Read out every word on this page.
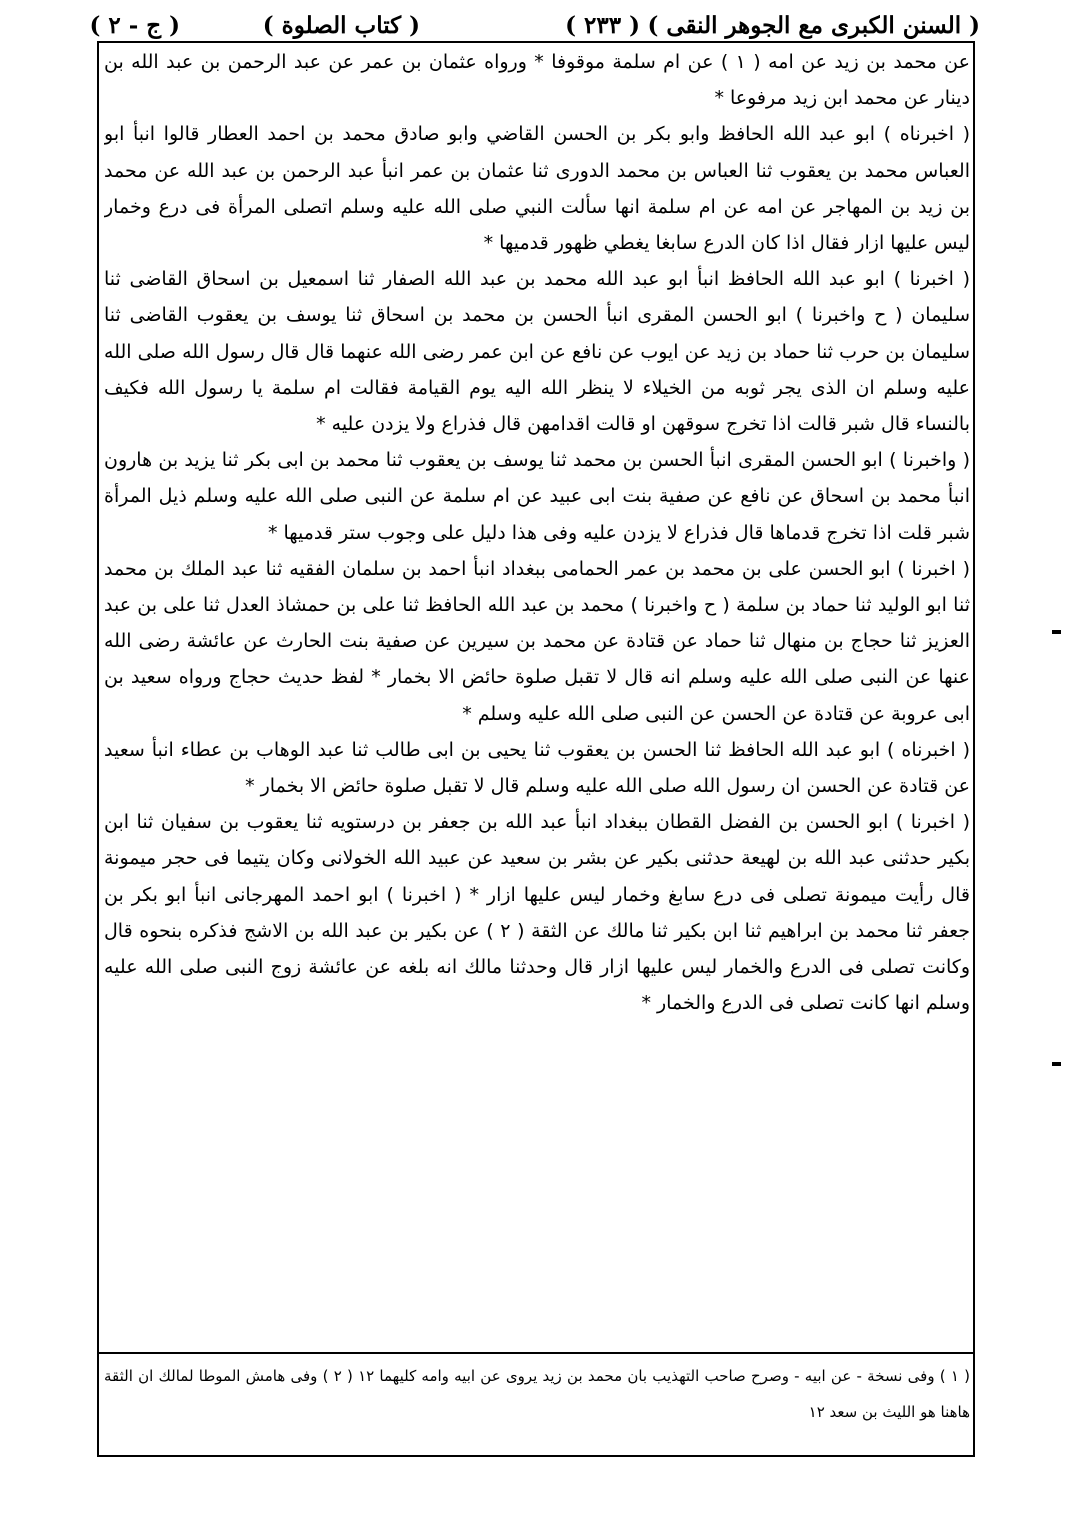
( السنن الكبرى مع الجوهر النقى )
( ٢٣٣ )
( كتاب الصلوة )
( ج - ٢ )

عن محمد بن زيد عن امه ( ١ ) عن ام سلمة موقوفا * ورواه عثمان بن عمر عن عبد الرحمن بن عبد الله بن دينار عن محمد ابن زيد مرفوعا *

( اخبرناه ) ابو عبد الله الحافظ وابو بكر بن الحسن القاضي وابو صادق محمد بن احمد العطار قالوا انبأ ابو العباس محمد بن يعقوب ثنا العباس بن محمد الدورى ثنا عثمان بن عمر انبأ عبد الرحمن بن عبد الله عن محمد بن زيد بن المهاجر عن امه عن ام سلمة انها سألت النبي صلى الله عليه وسلم اتصلى المرأة فى درع وخمار ليس عليها ازار فقال اذا كان الدرع سابغا يغطي ظهور قدميها *

( اخبرنا ) ابو عبد الله الحافظ انبأ ابو عبد الله محمد بن عبد الله الصفار ثنا اسمعيل بن اسحاق القاضى ثنا سليمان ( ح واخبرنا ) ابو الحسن المقرى انبأ الحسن بن محمد بن اسحاق ثنا يوسف بن يعقوب القاضى ثنا سليمان بن حرب ثنا حماد بن زيد عن ايوب عن نافع عن ابن عمر رضى الله عنهما قال قال رسول الله صلى الله عليه وسلم ان الذى يجر ثوبه من الخيلاء لا ينظر الله اليه يوم القيامة فقالت ام سلمة يا رسول الله فكيف بالنساء قال شبر قالت اذا تخرج سوقهن او قالت اقدامهن قال فذراع ولا يزدن عليه *

( واخبرنا ) ابو الحسن المقرى انبأ الحسن بن محمد ثنا يوسف بن يعقوب ثنا محمد بن ابى بكر ثنا يزيد بن هارون انبأ محمد بن اسحاق عن نافع عن صفية بنت ابى عبيد عن ام سلمة عن النبى صلى الله عليه وسلم ذيل المرأة شبر قلت اذا تخرج قدماها قال فذراع لا يزدن عليه وفى هذا دليل على وجوب ستر قدميها *

( اخبرنا ) ابو الحسن على بن محمد بن عمر الحمامى ببغداد انبأ احمد بن سلمان الفقيه ثنا عبد الملك بن محمد ثنا ابو الوليد ثنا حماد بن سلمة ( ح واخبرنا ) محمد بن عبد الله الحافظ ثنا على بن حمشاذ العدل ثنا على بن عبد العزيز ثنا حجاج بن منهال ثنا حماد عن قتادة عن محمد بن سيرين عن صفية بنت الحارث عن عائشة رضى الله عنها عن النبى صلى الله عليه وسلم انه قال لا تقبل صلوة حائض الا بخمار * لفظ حديث حجاج ورواه سعيد بن ابى عروبة عن قتادة عن الحسن عن النبى صلى الله عليه وسلم *

( اخبرناه ) ابو عبد الله الحافظ ثنا الحسن بن يعقوب ثنا يحيى بن ابى طالب ثنا عبد الوهاب بن عطاء انبأ سعيد عن قتادة عن الحسن ان رسول الله صلى الله عليه وسلم قال لا تقبل صلوة حائض الا بخمار *

( اخبرنا ) ابو الحسن بن الفضل القطان ببغداد انبأ عبد الله بن جعفر بن درستويه ثنا يعقوب بن سفيان ثنا ابن بكير حدثنى عبد الله بن لهيعة حدثنى بكير عن بشر بن سعيد عن عبيد الله الخولانى وكان يتيما فى حجر ميمونة قال رأيت ميمونة تصلى فى درع سابغ وخمار ليس عليها ازار * ( اخبرنا ) ابو احمد المهرجانى انبأ ابو بكر بن جعفر ثنا محمد بن ابراهيم ثنا ابن بكير ثنا مالك عن الثقة ( ٢ ) عن بكير بن عبد الله بن الاشج فذكره بنحوه قال وكانت تصلى فى الدرع والخمار ليس عليها ازار قال وحدثنا مالك انه بلغه عن عائشة زوج النبى صلى الله عليه وسلم انها كانت تصلى فى الدرع والخمار *

( ١ ) وفى نسخة - عن ابيه - وصرح صاحب التهذيب بان محمد بن زيد يروى عن ابيه وامه كليهما ١٢ ( ٢ ) وفى هامش الموطا لمالك ان الثقة هاهنا هو الليث بن سعد ١٢
